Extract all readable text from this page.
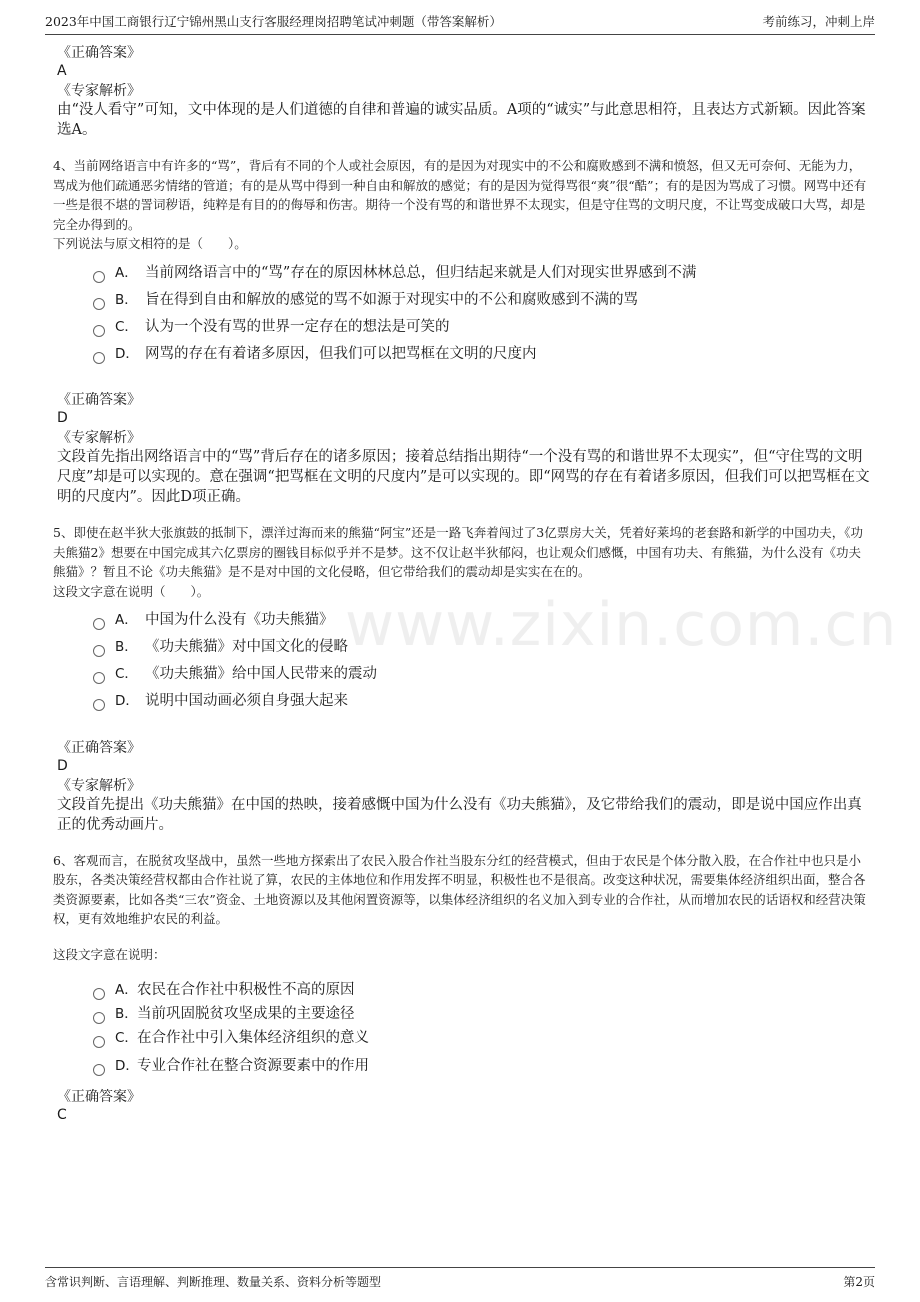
2023年中国工商银行辽宁锦州黑山支行客服经理岗招聘笔试冲刺题（带答案解析）	考前练习，冲刺上岸
www.zixin.com.cn
《正确答案》
A
《专家解析》
由“没人看守”可知，文中体现的是人们道德的自律和普遍的诚实品质。A项的“诚实”与此意思相符，且表达方式新颖。因此答案选A。
4、当前网络语言中有许多的“骂”，背后有不同的个人或社会原因，有的是因为对现实中的不公和腐败感到不满和愤怒，但又无可奈何、无能为力，骂成为他们疏通恶劣情绪的管道；有的是从骂中得到一种自由和解放的感觉；有的是因为觉得骂很“爽”很“酷”；有的是因为骂成了习惯。网骂中还有一些是很不堪的詈词秽语，纯粹是有目的的侮辱和伤害。期待一个没有骂的和谐世界不太现实，但是守住骂的文明尺度，不让骂变成破口大骂，却是完全办得到的。
下列说法与原文相符的是（　　）。
A． 当前网络语言中的“骂”存在的原因林林总总，但归结起来就是人们对现实世界感到不满
B． 旨在得到自由和解放的感觉的骂不如源于对现实中的不公和腐败感到不满的骂
C． 认为一个没有骂的世界一定存在的想法是可笑的
D． 网骂的存在有着诸多原因，但我们可以把骂框在文明的尺度内
《正确答案》
D
《专家解析》
文段首先指出网络语言中的“骂”背后存在的诸多原因；接着总结指出期待“一个没有骂的和谐世界不太现实”，但“守住骂的文明尺度”却是可以实现的。意在强调“把骂框在文明的尺度内”是可以实现的。即“网骂的存在有着诸多原因，但我们可以把骂框在文明的尺度内”。因此D项正确。
5、即使在赵半狄大张旗鼓的抵制下，漂洋过海而来的熊猫“阿宝”还是一路飞奔着闯过了3亿票房大关，凭着好莱坞的老套路和新学的中国功夫，《功夫熊猫2》想要在中国完成其六亿票房的圈钱目标似乎并不是梦。这不仅让赵半狄郁闷，也让观众们感慨，中国有功夫、有熊猫，为什么没有《功夫熊猫》？暂且不论《功夫熊猫》是不是对中国的文化侵略，但它带给我们的震动却是实实在在的。
这段文字意在说明（　　）。
A． 中国为什么没有《功夫熊猫》
B． 《功夫熊猫》对中国文化的侵略
C． 《功夫熊猫》给中国人民带来的震动
D． 说明中国动画必须自身强大起来
《正确答案》
D
《专家解析》
文段首先提出《功夫熊猫》在中国的热映，接着感慨中国为什么没有《功夫熊猫》，及它带给我们的震动，即是说中国应作出真正的优秀动画片。
6、客观而言，在脱贫攻坚战中，虽然一些地方探索出了农民入股合作社当股东分红的经营模式，但由于农民是个体分散入股，在合作社中也只是小股东，各类决策经营权都由合作社说了算，农民的主体地位和作用发挥不明显，积极性也不是很高。改变这种状况，需要集体经济组织出面，整合各类资源要素，比如各类“三农”资金、土地资源以及其他闲置资源等，以集体经济组织的名义加入到专业的合作社，从而增加农民的话语权和经营决策权，更有效地维护农民的利益。
这段文字意在说明：
A． 农民在合作社中积极性不高的原因
B． 当前巩固脱贫攻坚成果的主要途径
C． 在合作社中引入集体经济组织的意义
D．
专业合作社在整合资源要素中的作用
《正确答案》
C
含常识判断、言语理解、判断推理、数量关系、资料分析等题型	第2页
